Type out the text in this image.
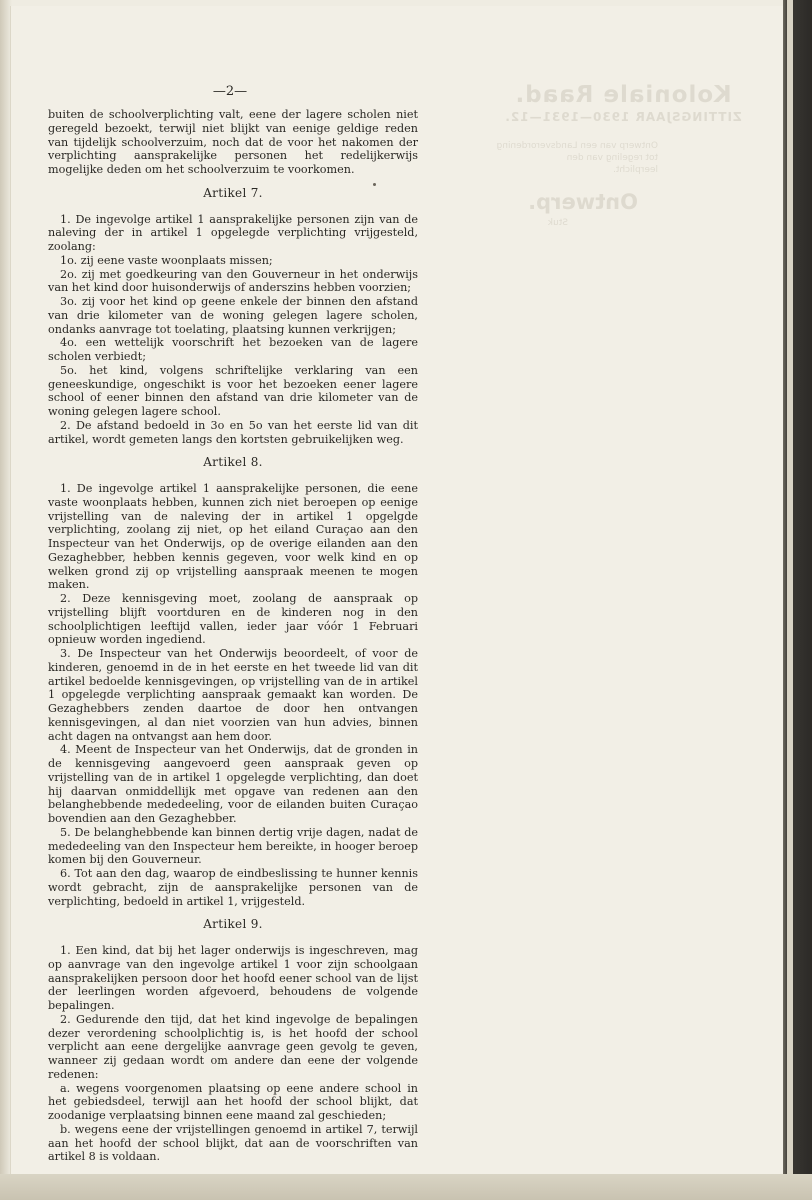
Koloniale Raad.
ZITTINGSJAAR 1930—1931—12.
Ontwerp van een Landsverordening tot regeling van den
leerplicht.
Ontwerp.
Stuk
—2—

buiten de schoolverplichting valt, eene der lagere scholen niet geregeld bezoekt, terwijl niet blijkt van eenige geldige reden van tijdelijk schoolverzuim, noch dat de voor het nakomen der verplichting aansprakelijke personen het redelijkerwijs mogelijke deden om het schoolverzuim te voorkomen.

Artikel 7.

1. De ingevolge artikel 1 aansprakelijke personen zijn van de naleving der in artikel 1 opgelegde verplichting vrijgesteld, zoolang:

1o. zij eene vaste woonplaats missen;

2o. zij met goedkeuring van den Gouverneur in het onderwijs van het kind door huisonderwijs of anderszins hebben voorzien;

3o. zij voor het kind op geene enkele der binnen den afstand van drie kilometer van de woning gelegen lagere scholen, ondanks aanvrage tot toelating, plaatsing kunnen verkrijgen;

4o. een wettelijk voorschrift het bezoeken van de lagere scholen verbiedt;

5o. het kind, volgens schriftelijke verklaring van een geneeskundige, ongeschikt is voor het bezoeken eener lagere school of eener binnen den afstand van drie kilometer van de woning gelegen lagere school.

2. De afstand bedoeld in 3o en 5o van het eerste lid van dit artikel, wordt gemeten langs den kortsten gebruikelijken weg.

Artikel 8.

1. De ingevolge artikel 1 aansprakelijke personen, die eene vaste woonplaats hebben, kunnen zich niet beroepen op eenige vrijstelling van de naleving der in artikel 1 opgelgde verplichting, zoolang zij niet, op het eiland Curaçao aan den Inspecteur van het Onderwijs, op de overige eilanden aan den Gezaghebber, hebben kennis gegeven, voor welk kind en op welken grond zij op vrijstelling aanspraak meenen te mogen maken.

2. Deze kennisgeving moet, zoolang de aanspraak op vrijstelling blijft voortduren en de kinderen nog in den schoolplichtigen leeftijd vallen, ieder jaar vóór 1 Februari opnieuw worden ingediend.

3. De Inspecteur van het Onderwijs beoordeelt, of voor de kinderen, genoemd in de in het eerste en het tweede lid van dit artikel bedoelde kennisgevingen, op vrijstelling van de in artikel 1 opgelegde verplichting aanspraak gemaakt kan worden. De Gezaghebbers zenden daartoe de door hen ontvangen kennisgevingen, al dan niet voorzien van hun advies, binnen acht dagen na ontvangst aan hem door.

4. Meent de Inspecteur van het Onderwijs, dat de gronden in de kennisgeving aangevoerd geen aanspraak geven op vrijstelling van de in artikel 1 opgelegde verplichting, dan doet hij daarvan onmiddellijk met opgave van redenen aan den belanghebbende mededeeling, voor de eilanden buiten Curaçao bovendien aan den Gezaghebber.

5. De belanghebbende kan binnen dertig vrije dagen, nadat de mededeeling van den Inspecteur hem bereikte, in hooger beroep komen bij den Gouverneur.

6. Tot aan den dag, waarop de eindbeslissing te hunner kennis wordt gebracht, zijn de aansprakelijke personen van de verplichting, bedoeld in artikel 1, vrijgesteld.

Artikel 9.

1. Een kind, dat bij het lager onderwijs is ingeschreven, mag op aanvrage van den ingevolge artikel 1 voor zijn schoolgaan aansprakelijken persoon door het hoofd eener school van de lijst der leerlingen worden afgevoerd, behoudens de volgende bepalingen.

2. Gedurende den tijd, dat het kind ingevolge de bepalingen dezer verordening schoolplichtig is, is het hoofd der school verplicht aan eene dergelijke aanvrage geen gevolg te geven, wanneer zij gedaan wordt om andere dan eene der volgende redenen:

a. wegens voorgenomen plaatsing op eene andere school in het gebiedsdeel, terwijl aan het hoofd der school blijkt, dat zoodanige verplaatsing binnen eene maand zal geschieden;

b. wegens eene der vrijstellingen genoemd in artikel 7, terwijl aan het hoofd der school blijkt, dat aan de voorschriften van artikel 8 is voldaan.
